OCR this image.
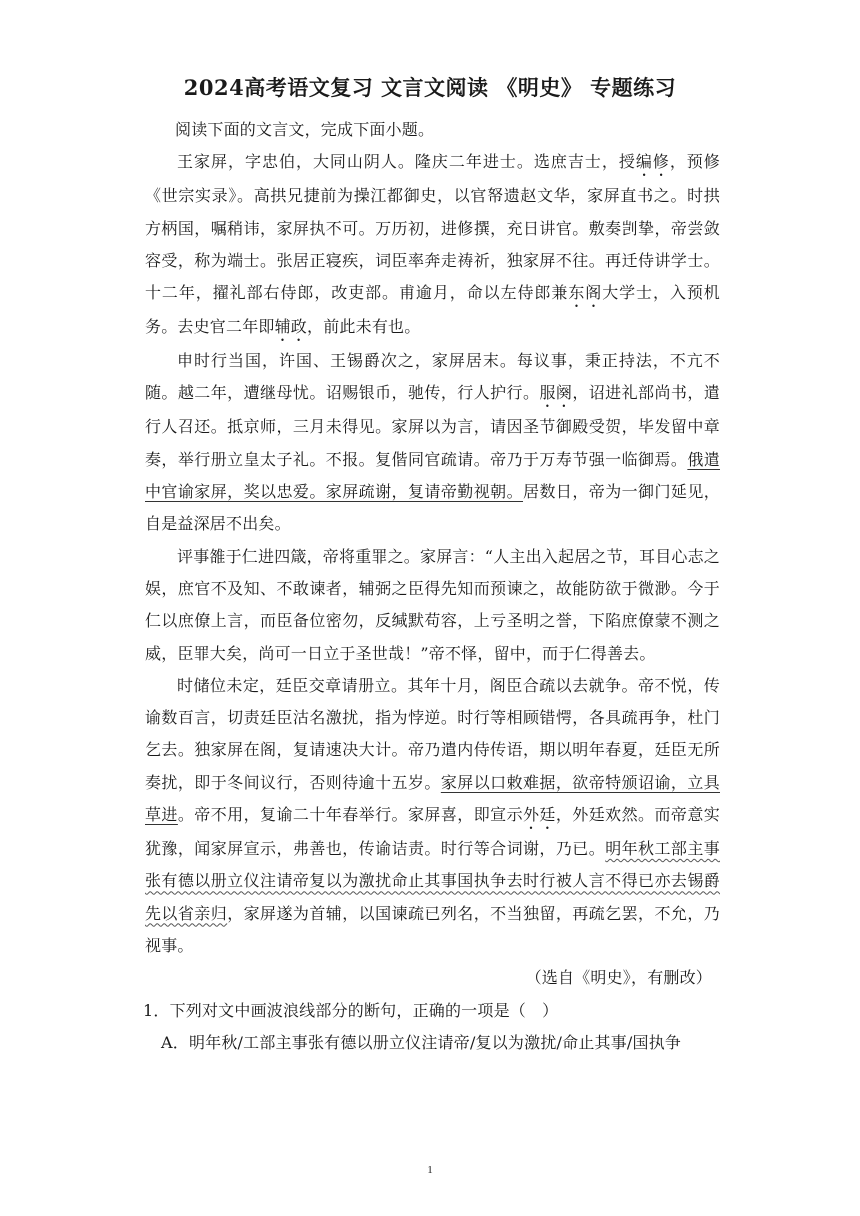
2024高考语文复习 文言文阅读 《明史》 专题练习

阅读下面的文言文，完成下面小题。

王家屏，字忠伯，大同山阴人。隆庆二年进士。选庶吉士，授编修，预修《世宗实录》。高拱兄捷前为操江都御史，以官帑遗赵文华，家屏直书之。时拱方柄国，嘱稍讳，家屏执不可。万历初，进修撰，充日讲官。敷奏剀挚，帝尝敛容受，称为端士。张居正寝疾，词臣率奔走祷祈，独家屏不往。再迁侍讲学士。十二年，擢礼部右侍郎，改吏部。甫逾月，命以左侍郎兼东阁大学士，入预机务。去史官二年即辅政，前此未有也。

申时行当国，许国、王锡爵次之，家屏居末。每议事，秉正持法，不亢不随。越二年，遭继母忧。诏赐银币，驰传，行人护行。服阕，诏进礼部尚书，遣行人召还。抵京师，三月未得见。家屏以为言，请因圣节御殿受贺，毕发留中章奏，举行册立皇太子礼。不报。复偕同官疏请。帝乃于万寿节强一临御焉。俄遣中官谕家屏，奖以忠爱。家屏疏谢，复请帝勤视朝。居数日，帝为一御门延见，自是益深居不出矣。

评事雒于仁进四箴，帝将重罪之。家屏言：“人主出入起居之节，耳目心志之娱，庶官不及知、不敢谏者，辅弼之臣得先知而预谏之，故能防欲于微渺。今于仁以庶僚上言，而臣备位密勿，反缄默苟容，上亏圣明之誉，下陷庶僚蒙不测之威，臣罪大矣，尚可一日立于圣世哉！”帝不怿，留中，而于仁得善去。

时储位未定，廷臣交章请册立。其年十月，阁臣合疏以去就争。帝不悦，传谕数百言，切责廷臣沽名激扰，指为悖逆。时行等相顾错愕，各具疏再争，杜门乞去。独家屏在阁，复请速决大计。帝乃遣内侍传语，期以明年春夏，廷臣无所奏扰，即于冬间议行，否则待逾十五岁。家屏以口敕难据，欲帝特颁诏谕，立具草进。帝不用，复谕二十年春举行。家屏喜，即宣示外廷，外廷欢然。而帝意实犹豫，闻家屏宣示，弗善也，传谕诘责。时行等合词谢，乃已。明年秋工部主事张有德以册立仪注请帝复以为激扰命止其事国执争去时行被人言不得已亦去锡爵先以省亲归，家屏遂为首辅，以国谏疏已列名，不当独留，再疏乞罢，不允，乃视事。

（选自《明史》，有删改）

1．下列对文中画波浪线部分的断句，正确的一项是（　）

A．明年秋/工部主事张有德以册立仪注请帝/复以为激扰/命止其事/国执争

1
